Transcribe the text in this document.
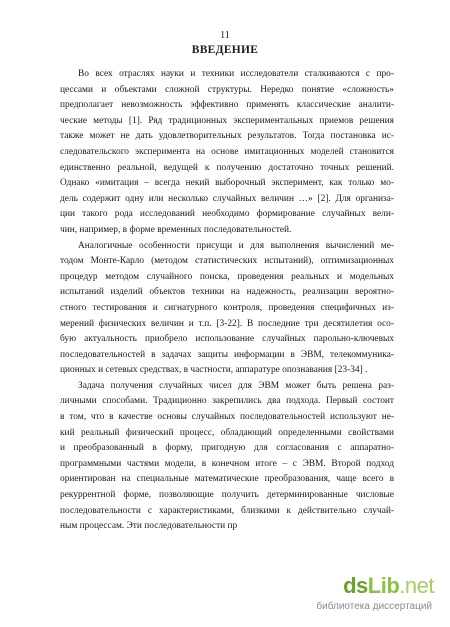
11
ВВЕДЕНИЕ
Во всех отраслях науки и техники исследователи сталкиваются с про-
цессами и объектами сложной структуры. Нередко понятие «сложность»
предполагает невозможность эффективно применять классические аналити-
ческие методы [1]. Ряд традиционных экспериментальных приемов решения
также может не дать удовлетворительных результатов. Тогда постановка ис-
следовательского эксперимента на основе имитационных моделей становится
единственно реальной, ведущей к получению достаточно точных решений.
Однако «имитация – всегда некий выборочный эксперимент, как только мо-
дель содержит одну или несколько случайных величин …» [2]. Для организа-
ции такого рода исследований необходимо формирование случайных вели-
чин, например, в форме временных последовательностей.
Аналогичные особенности присущи и для выполнения вычислений ме-
тодом Монте-Карло (методом статистических испытаний), оптимизационных
процедур методом случайного поиска, проведения реальных и модельных
испытаний изделий объектов техники на надежность, реализации вероятно-
стного тестирования и сигнатурного контроля, проведения специфичных из-
мерений физических величин и т.п. [3-22]. В последние три десятилетия осо-
бую актуальность приобрело использование случайных парольно-ключевых
последовательностей в задачах защиты информации в ЭВМ, телекоммуника-
ционных и сетевых средствах, в частности, аппаратуре опознавания [23-34] .
Задача получения случайных чисел для ЭВМ может быть решена раз-
личными способами. Традиционно закрепились два подхода. Первый состоит
в том, что в качестве основы случайных последовательностей используют не-
кий реальный физический процесс, обладающий определенными свойствами
и преобразованный в форму, пригодную для согласования с аппаратно-
программными частями модели, в конечном итоге – с ЭВМ. Второй подход
ориентирован на специальные математические преобразования, чаще всего в
рекуррентной форме, позволяющие получить детерминированные числовые
последовательности с характеристиками, близкими к действительно случай-
ным процессам. Эти последовательности пр
dsLib.net
библиотека диссертаций
